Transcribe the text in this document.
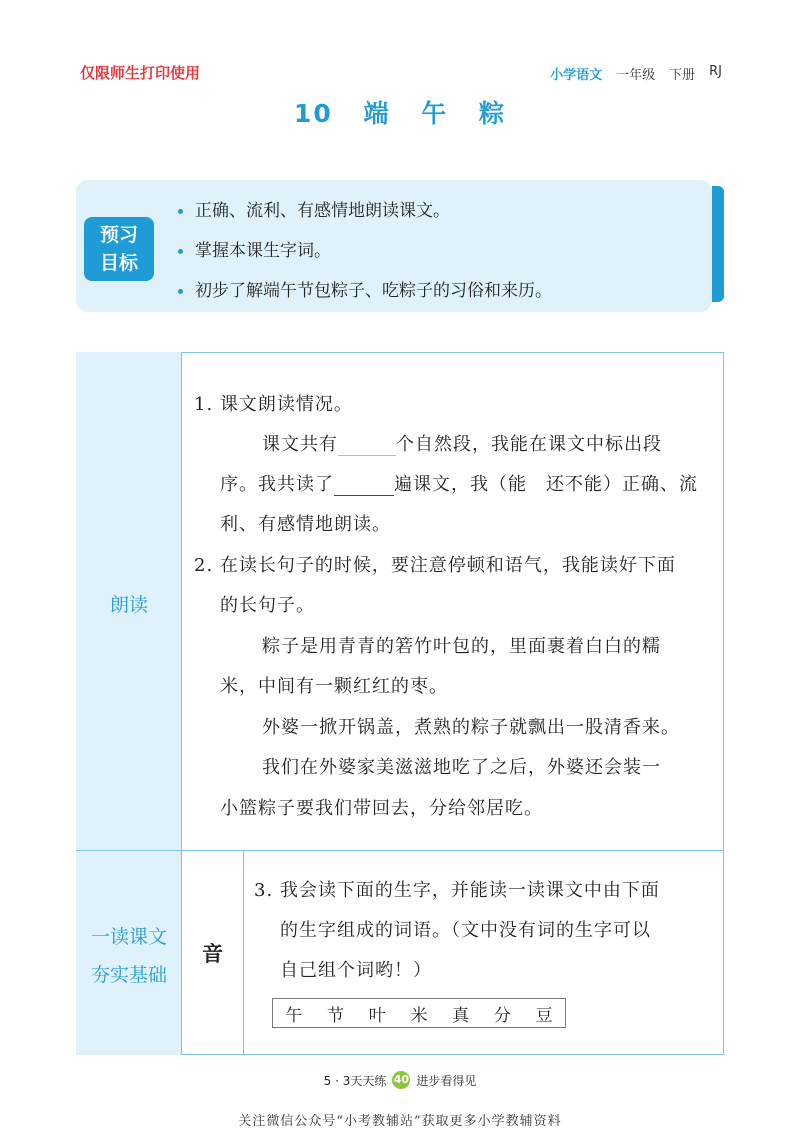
仅限师生打印使用	小学语文 一年级 下册 RJ
10 端 午 粽
预习
目标
正确、流利、有感情地朗读课文。
掌握本课生字词。
初步了解端午节包粽子、吃粽子的习俗和来历。
朗读
1. 课文朗读情况。
课文共有	个自然段，我能在课文中标出段
序。我共读了	遍课文，我（能　还不能）正确、流
利、有感情地朗读。
2. 在读长句子的时候，要注意停顿和语气，我能读好下面
的长句子。
粽子是用青青的箬竹叶包的，里面裹着白白的糯
米，中间有一颗红红的枣。
外婆一掀开锅盖，煮熟的粽子就飘出一股清香来。
我们在外婆家美滋滋地吃了之后，外婆还会装一
小篮粽子要我们带回去，分给邻居吃。
一读课文
夯实基础
音
3. 我会读下面的生字，并能读一读课文中由下面
的生字组成的词语。（文中没有词的生字可以
自己组个词哟！）
午 节 叶 米 真 分 豆
5 · 3天天练 40 进步看得见
关注微信公众号“小考教辅站”获取更多小学教辅资料
